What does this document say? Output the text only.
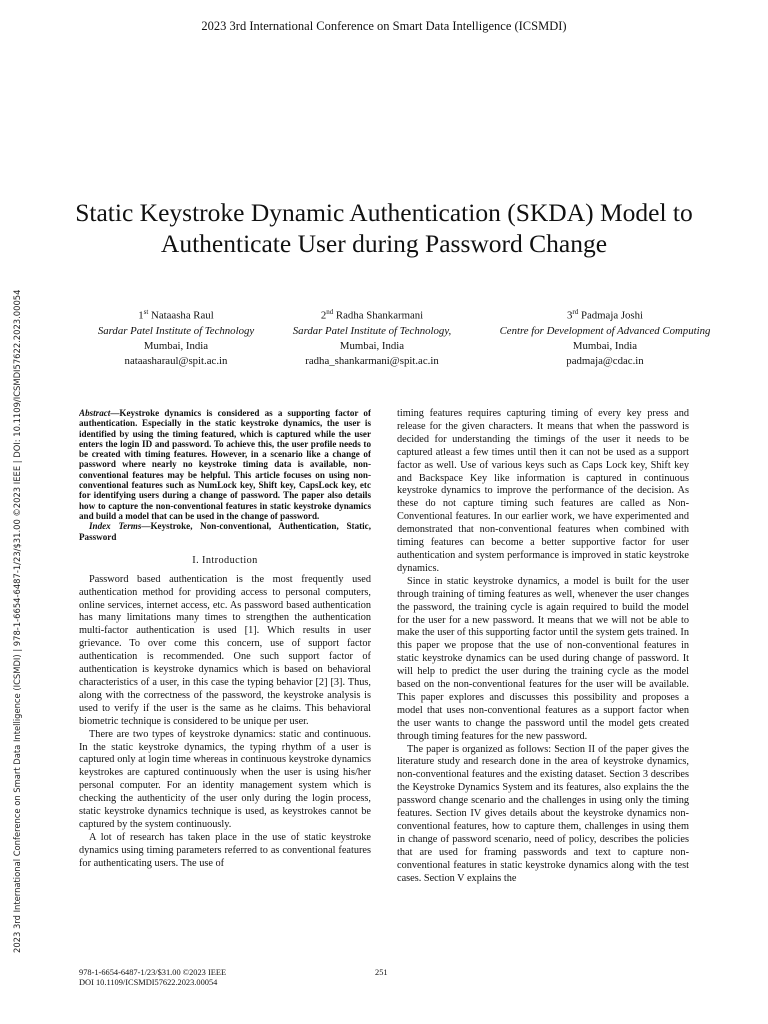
2023 3rd International Conference on Smart Data Intelligence (ICSMDI)
2023 3rd International Conference on Smart Data Intelligence (ICSMDI) | 978-1-6654-6487-1/23/$31.00 ©2023 IEEE | DOI: 10.1109/ICSMDI57622.2023.00054
Static Keystroke Dynamic Authentication (SKDA) Model to Authenticate User during Password Change
1st Nataasha Raul
Sardar Patel Institute of Technology
Mumbai, India
nataasharaul@spit.ac.in
2nd Radha Shankarmani
Sardar Patel Institute of Technology,
Mumbai, India
radha_shankarmani@spit.ac.in
3rd Padmaja Joshi
Centre for Development of Advanced Computing
Mumbai, India
padmaja@cdac.in

Abstract—Keystroke dynamics is considered as a supporting factor of authentication. Especially in the static keystroke dynamics, the user is identified by using the timing featured, which is captured while the user enters the login ID and password. To achieve this, the user profile needs to be created with timing features. However, in a scenario like a change of password where nearly no keystroke timing data is available, non-conventional features may be helpful. This article focuses on using non-conventional features such as NumLock key, Shift key, CapsLock key, etc for identifying users during a change of password. The paper also details how to capture the non-conventional features in static keystroke dynamics and build a model that can be used in the change of password.

Index Terms—Keystroke, Non-conventional, Authentication, Static, Password

I. Introduction

Password based authentication is the most frequently used authentication method for providing access to personal computers, online services, internet access, etc. As password based authentication has many limitations many times to strengthen the authentication multi-factor authentication is used [1]. Which results in user grievance. To over come this concern, use of support factor authentication is recommended. One such support factor of authentication is keystroke dynamics which is based on behavioral characteristics of a user, in this case the typing behavior [2] [3]. Thus, along with the correctness of the password, the keystroke analysis is used to verify if the user is the same as he claims. This behavioral biometric technique is considered to be unique per user.

There are two types of keystroke dynamics: static and continuous. In the static keystroke dynamics, the typing rhythm of a user is captured only at login time whereas in continuous keystroke dynamics keystrokes are captured continuously when the user is using his/her personal computer. For an identity management system which is checking the authenticity of the user only during the login process, static keystroke dynamics technique is used, as keystrokes cannot be captured by the system continuously.

A lot of research has taken place in the use of static keystroke dynamics using timing parameters referred to as conventional features for authenticating users. The use of

timing features requires capturing timing of every key press and release for the given characters. It means that when the password is decided for understanding the timings of the user it needs to be captured atleast a few times until then it can not be used as a support factor as well. Use of various keys such as Caps Lock key, Shift key and Backspace Key like information is captured in continuous keystroke dynamics to improve the performance of the decision. As these do not capture timing such features are called as Non-Conventional features. In our earlier work, we have experimented and demonstrated that non-conventional features when combined with timing features can become a better supportive factor for user authentication and system performance is improved in static keystroke dynamics.

Since in static keystroke dynamics, a model is built for the user through training of timing features as well, whenever the user changes the password, the training cycle is again required to build the model for the user for a new password. It means that we will not be able to make the user of this supporting factor until the system gets trained. In this paper we propose that the use of non-conventional features in static keystroke dynamics can be used during change of password. It will help to predict the user during the training cycle as the model based on the non-conventional features for the user will be available. This paper explores and discusses this possibility and proposes a model that uses non-conventional features as a support factor when the user wants to change the password until the model gets created through timing features for the new password.

The paper is organized as follows: Section II of the paper gives the literature study and research done in the area of keystroke dynamics, non-conventional features and the existing dataset. Section 3 describes the Keystroke Dynamics System and its features, also explains the the password change scenario and the challenges in using only the timing features. Section IV gives details about the keystroke dynamics non-conventional features, how to capture them, challenges in using them in change of password scenario, need of policy, describes the policies that are used for framing passwords and text to capture non-conventional features in static keystroke dynamics along with the test cases. Section V explains the

978-1-6654-6487-1/23/$31.00 ©2023 IEEE
DOI 10.1109/ICSMDI57622.2023.00054
251
